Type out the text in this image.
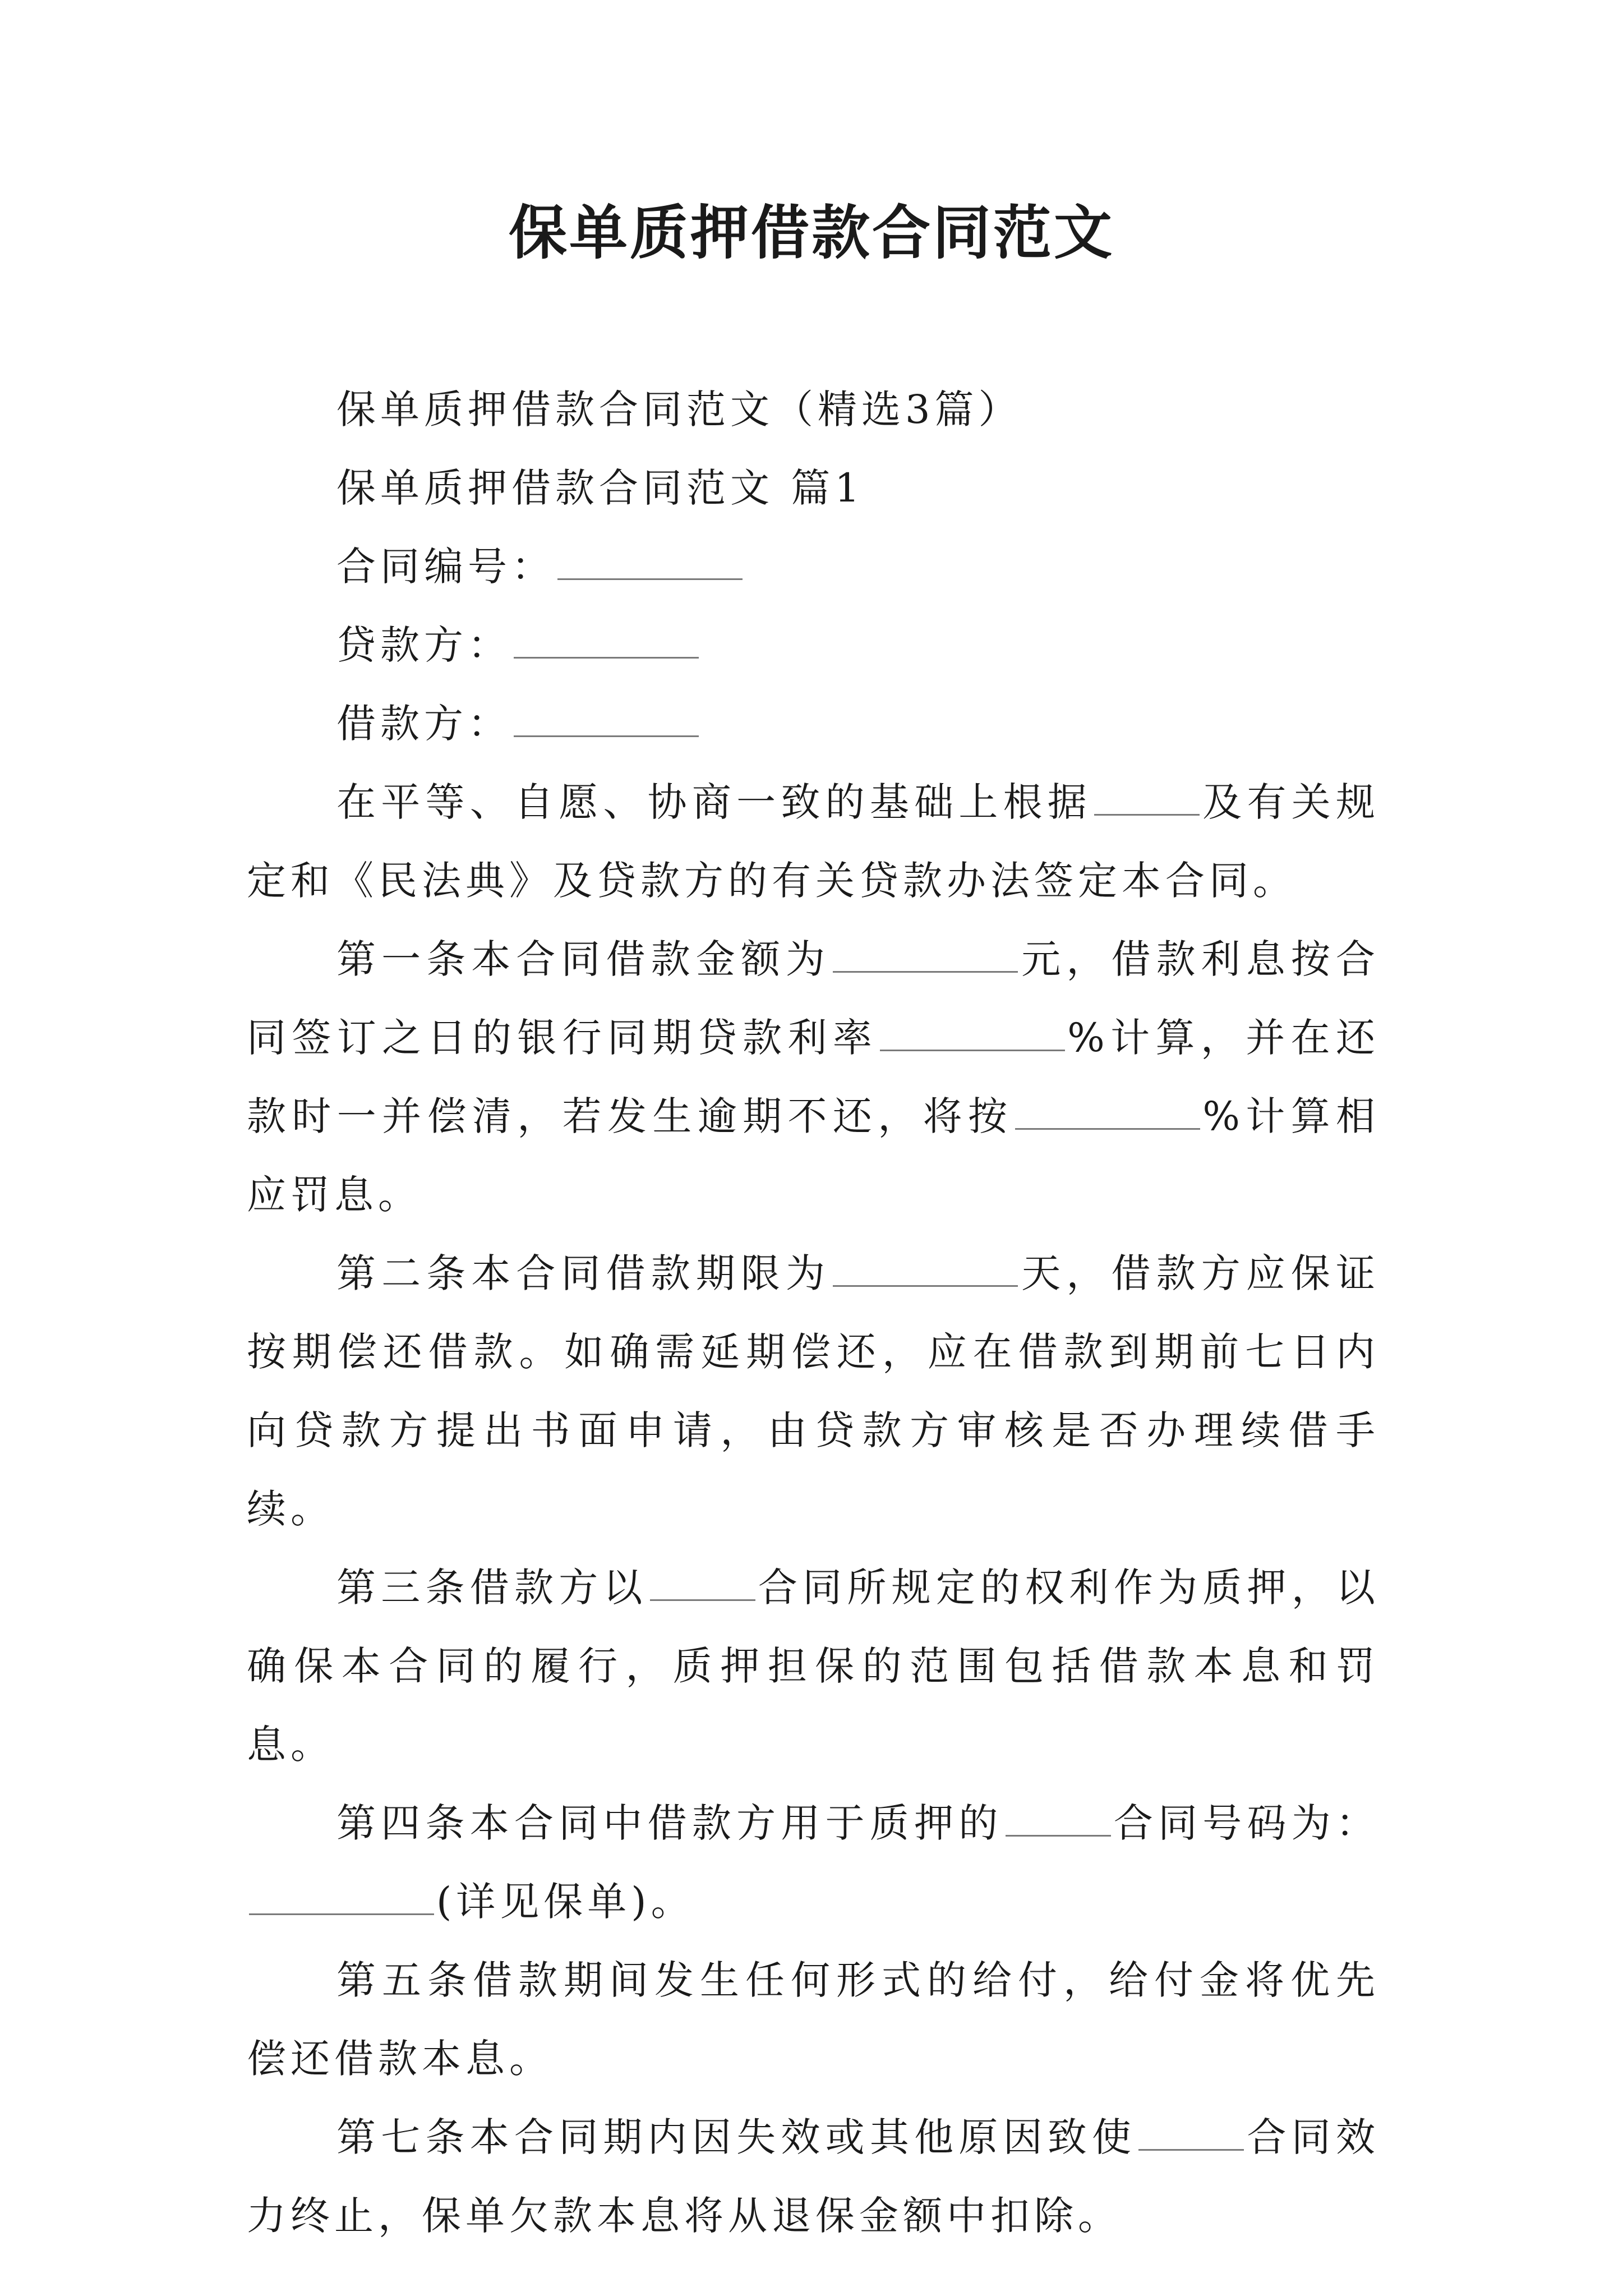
保单质押借款合同范文

保单质押借款合同范文（精选3篇）

保单质押借款合同范文 篇1

合同编号：

贷款方：

借款方：

在平等、自愿、协商一致的基础上根据	及有关规定和《民法典》及贷款方的有关贷款办法签定本合同。

第一条本合同借款金额为	元，借款利息按合同签订之日的银行同期贷款利率	%计算，并在还款时一并偿清，若发生逾期不还，将按	%计算相应罚息。

第二条本合同借款期限为	天，借款方应保证按期偿还借款。如确需延期偿还，应在借款到期前七日内向贷款方提出书面申请，由贷款方审核是否办理续借手续。

第三条借款方以	合同所规定的权利作为质押，以确保本合同的履行，质押担保的范围包括借款本息和罚息。

第四条本合同中借款方用于质押的	合同号码为：(详见保单)。

第五条借款期间发生任何形式的给付，给付金将优先偿还借款本息。

第七条本合同期内因失效或其他原因致使	合同效力终止，保单欠款本息将从退保金额中扣除。
